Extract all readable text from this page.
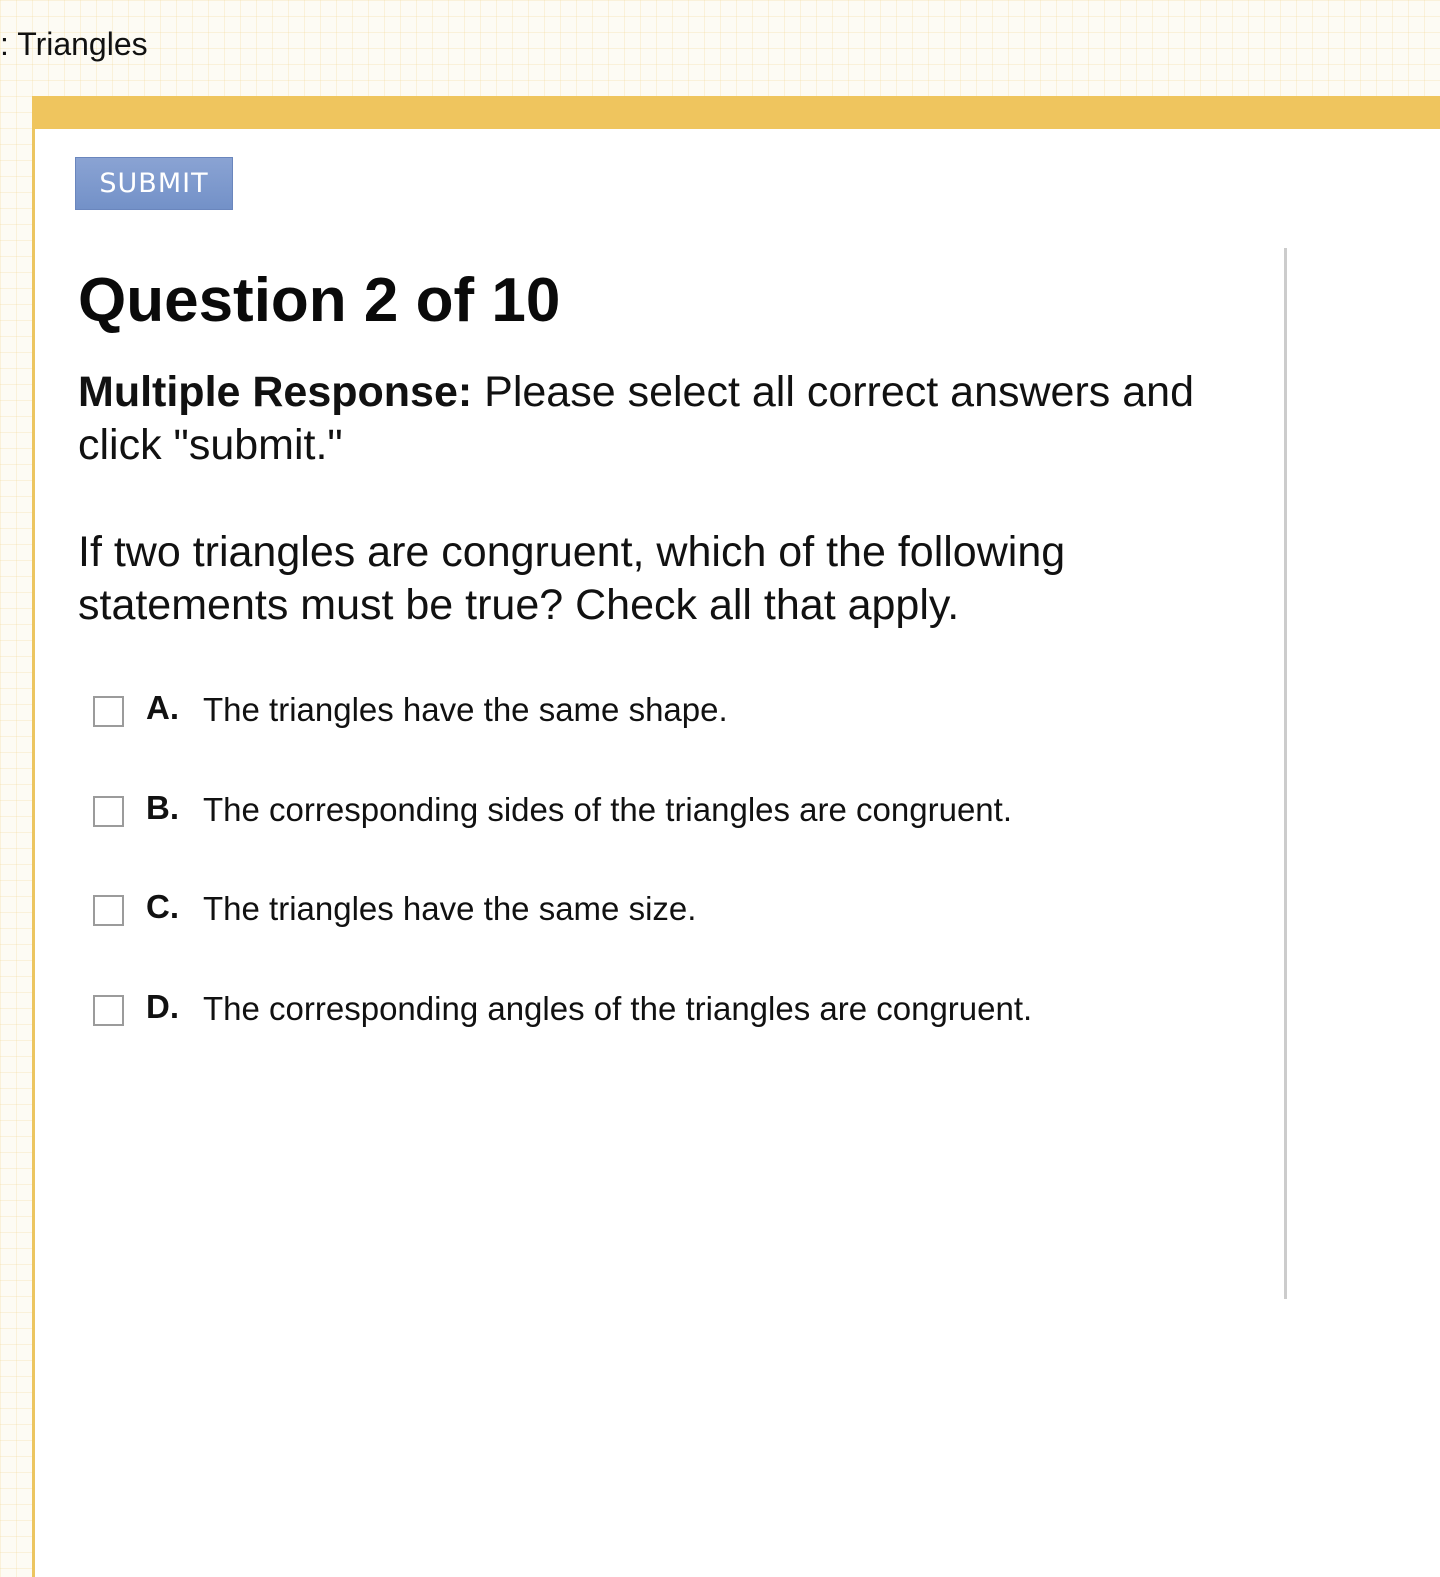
: Triangles
SUBMIT
Question 2 of 10

Multiple Response: Please select all correct answers and click "submit."

If two triangles are congruent, which of the following statements must be true? Check all that apply.

A. The triangles have the same shape.
B. The corresponding sides of the triangles are congruent.
C. The triangles have the same size.
D. The corresponding angles of the triangles are congruent.
